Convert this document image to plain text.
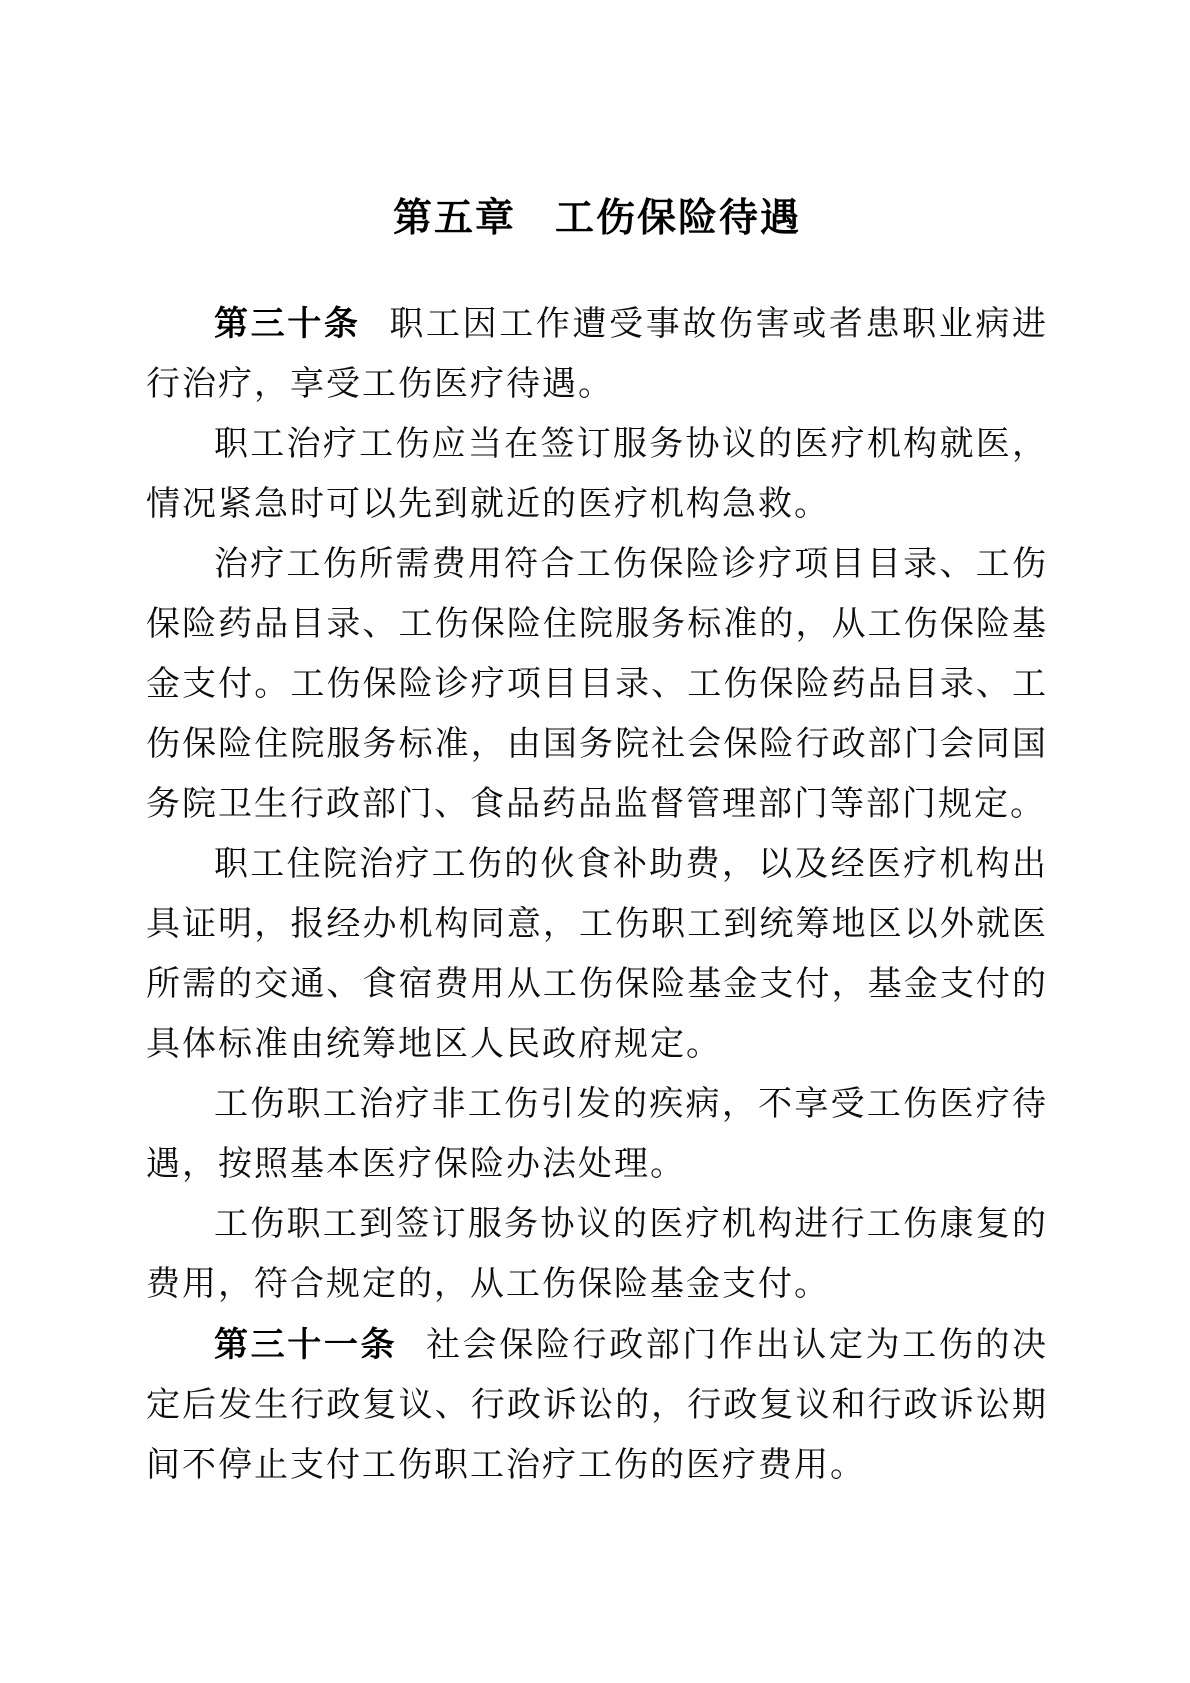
第五章 工伤保险待遇

第三十条 职工因工作遭受事故伤害或者患职业病进行治疗，享受工伤医疗待遇。

职工治疗工伤应当在签订服务协议的医疗机构就医，情况紧急时可以先到就近的医疗机构急救。

治疗工伤所需费用符合工伤保险诊疗项目目录、工伤保险药品目录、工伤保险住院服务标准的，从工伤保险基金支付。工伤保险诊疗项目目录、工伤保险药品目录、工伤保险住院服务标准，由国务院社会保险行政部门会同国务院卫生行政部门、食品药品监督管理部门等部门规定。

职工住院治疗工伤的伙食补助费，以及经医疗机构出具证明，报经办机构同意，工伤职工到统筹地区以外就医所需的交通、食宿费用从工伤保险基金支付，基金支付的具体标准由统筹地区人民政府规定。

工伤职工治疗非工伤引发的疾病，不享受工伤医疗待遇，按照基本医疗保险办法处理。

工伤职工到签订服务协议的医疗机构进行工伤康复的费用，符合规定的，从工伤保险基金支付。

第三十一条 社会保险行政部门作出认定为工伤的决定后发生行政复议、行政诉讼的，行政复议和行政诉讼期间不停止支付工伤职工治疗工伤的医疗费用。
